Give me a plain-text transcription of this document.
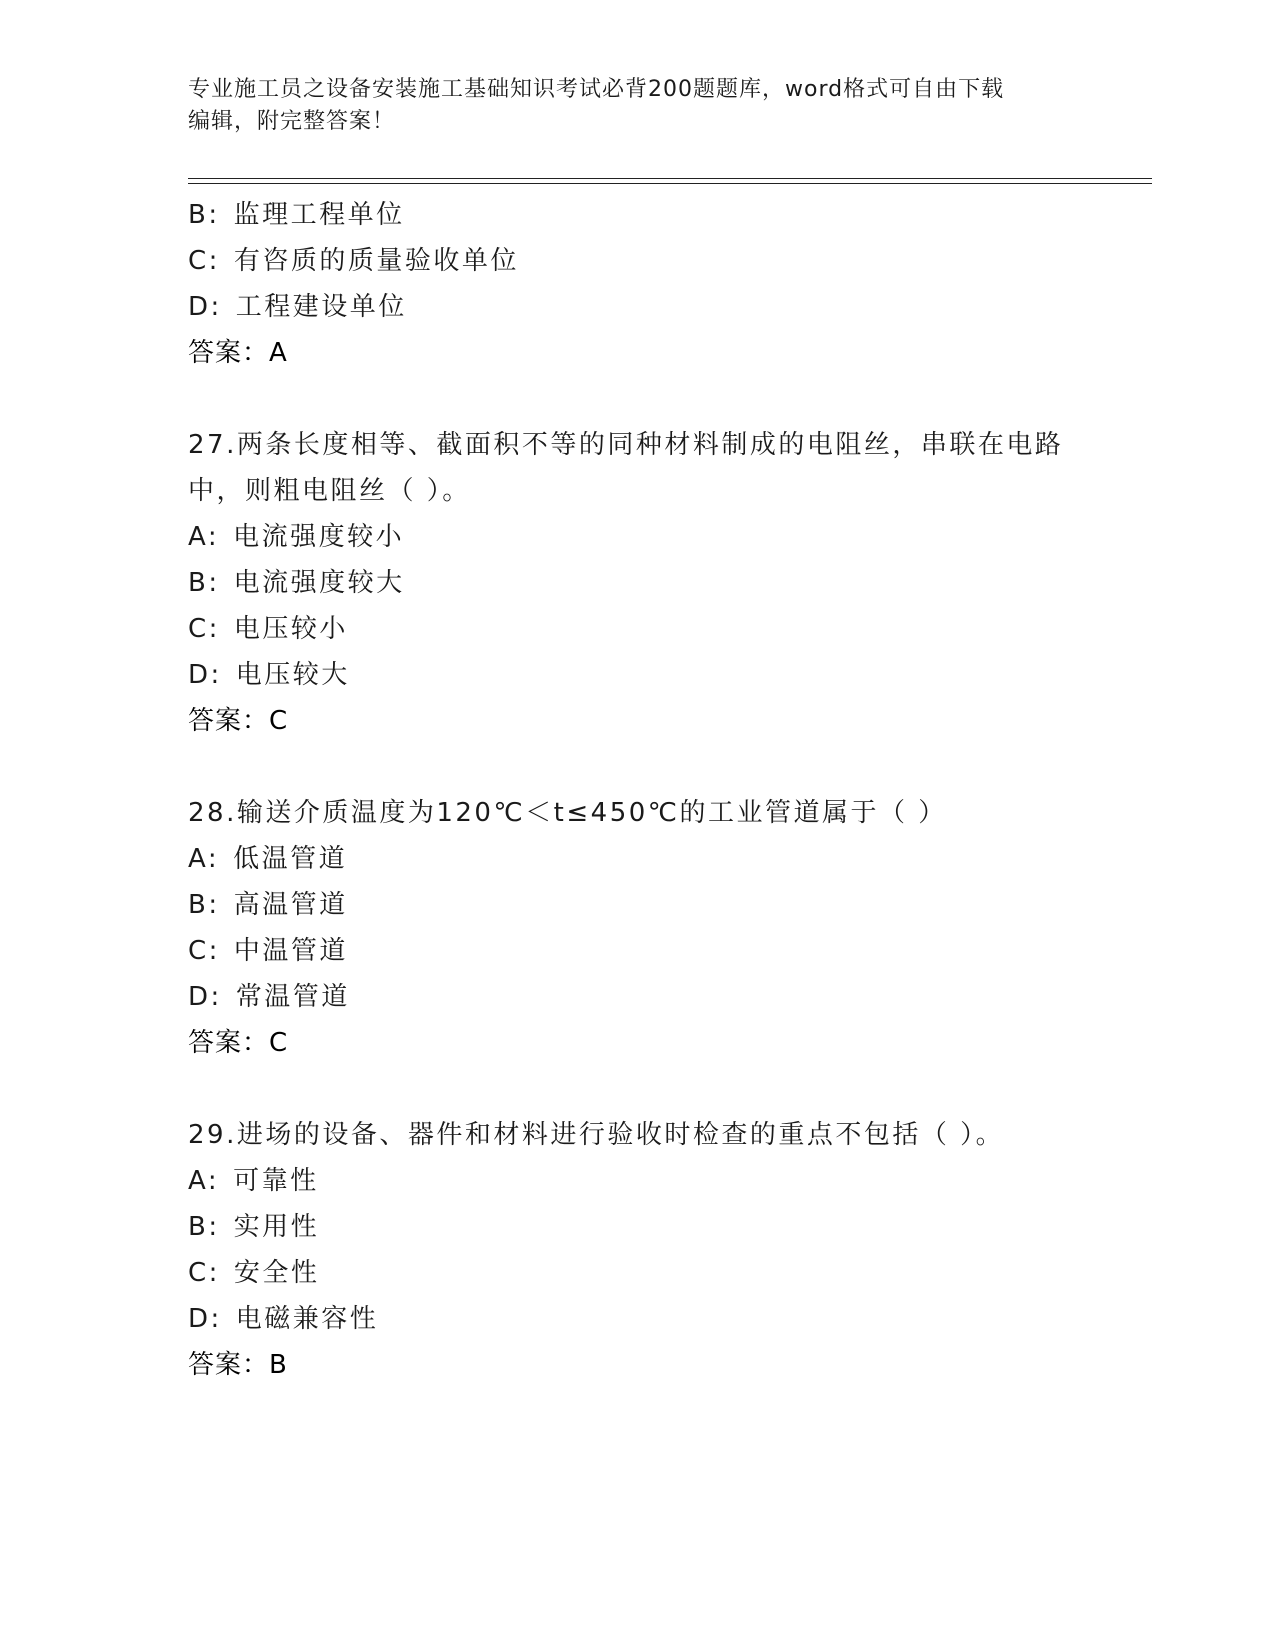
专业施工员之设备安装施工基础知识考试必背200题题库，word格式可自由下载
编辑，附完整答案！
B: 监理工程单位
C: 有咨质的质量验收单位
D: 工程建设单位
答案：A
27.两条长度相等、截面积不等的同种材料制成的电阻丝，串联在电路
中，则粗电阻丝（ ）。
A: 电流强度较小
B: 电流强度较大
C: 电压较小
D: 电压较大
答案：C
28.输送介质温度为120℃＜t≤450℃的工业管道属于（ ）
A: 低温管道
B: 高温管道
C: 中温管道
D: 常温管道
答案：C
29.进场的设备、器件和材料进行验收时检查的重点不包括（ ）。
A: 可靠性
B: 实用性
C: 安全性
D: 电磁兼容性
答案：B
